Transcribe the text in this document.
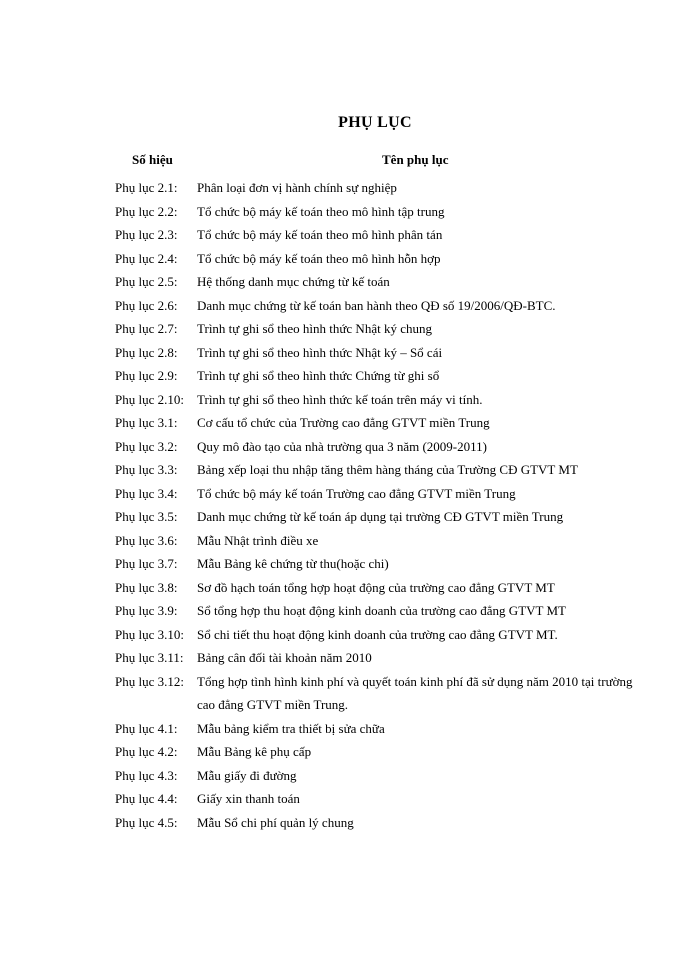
PHỤ LỤC
Số hiệu	Tên phụ lục
Phụ lục 2.1:	Phân loại đơn vị hành chính sự nghiệp
Phụ lục 2.2:	Tổ chức bộ máy kế toán theo mô hình tập trung
Phụ lục 2.3:	Tổ chức bộ máy kế toán theo mô hình phân tán
Phụ lục 2.4:	Tổ chức bộ máy kế toán theo mô hình hỗn hợp
Phụ lục 2.5:	Hệ thống danh mục chứng từ kế toán
Phụ lục 2.6:	Danh mục chứng từ kế toán ban hành theo QĐ số 19/2006/QĐ-BTC.
Phụ lục 2.7:	Trình tự ghi sổ theo hình thức Nhật ký chung
Phụ lục 2.8:	Trình tự ghi sổ theo hình thức Nhật ký – Sổ cái
Phụ lục 2.9:	Trình tự ghi sổ theo hình thức Chứng từ ghi sổ
Phụ lục 2.10:	Trình tự ghi sổ theo hình thức kế toán trên máy vi tính.
Phụ lục 3.1:	Cơ cấu tổ chức của Trường cao đẳng GTVT miền Trung
Phụ lục 3.2:	Quy mô đào tạo của nhà trường qua 3 năm (2009-2011)
Phụ lục 3.3:	Bảng xếp loại thu nhập tăng thêm hàng tháng của Trường CĐ GTVT MT
Phụ lục 3.4:	Tổ chức bộ máy kế toán Trường cao đẳng GTVT miền Trung
Phụ lục 3.5:	Danh mục chứng từ kế toán áp dụng tại trường CĐ GTVT miền Trung
Phụ lục 3.6:	Mẫu Nhật trình điều xe
Phụ lục 3.7:	Mẫu Bảng kê chứng từ thu(hoặc chi)
Phụ lục 3.8:	Sơ đồ hạch toán tổng hợp hoạt động của trường cao đẳng GTVT MT
Phụ lục 3.9:	Sổ tổng hợp thu hoạt động kinh doanh của trường cao đẳng GTVT MT
Phụ lục 3.10:	Sổ chi tiết thu hoạt động kinh doanh của trường cao đẳng GTVT MT.
Phụ lục 3.11:	Bảng cân đối tài khoản năm 2010
Phụ lục 3.12:	Tổng hợp tình hình kinh phí và quyết toán kinh phí đã sử dụng năm 2010 tại trường cao đẳng GTVT miền Trung.
Phụ lục 4.1:	Mẫu bảng kiểm tra thiết bị sửa chữa
Phụ lục 4.2:	Mẫu Bảng kê phụ cấp
Phụ lục 4.3:	Mẫu giấy đi đường
Phụ lục 4.4:	Giấy xin thanh toán
Phụ lục 4.5:	Mẫu Sổ chi phí quản lý chung
